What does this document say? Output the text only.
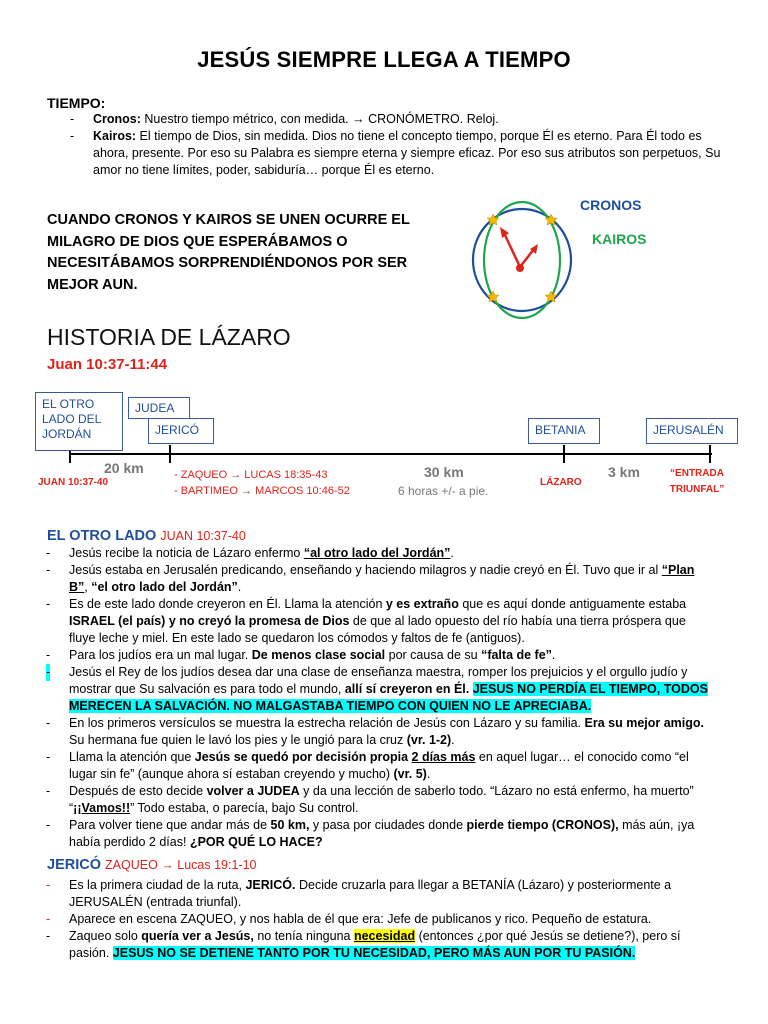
JESÚS SIEMPRE LLEGA A TIEMPO
TIEMPO:
- Cronos: Nuestro tiempo métrico, con medida. → CRONÓMETRO. Reloj.
- Kairos: El tiempo de Dios, sin medida. Dios no tiene el concepto tiempo, porque Él es eterno. Para Él todo es ahora, presente. Por eso su Palabra es siempre eterna y siempre eficaz. Por eso sus atributos son perpetuos, Su amor no tiene límites, poder, sabiduría… porque Él es eterno.
CUANDO CRONOS Y KAIROS SE UNEN OCURRE EL MILAGRO DE DIOS QUE ESPERÁBAMOS O NECESITÁBAMOS SORPRENDIÉNDONOS POR SER MEJOR AUN.
CRONOS
KAIROS
HISTORIA DE LÁZARO
Juan 10:37-11:44
EL OTRO LADO DEL JORDÁN
JUDEA
JERICÓ	BETANIA	JERUSALÉN
JUAN 10:37-40
20 km	- ZAQUEO → LUCAS 18:35-43
- BARTIMEO → MARCOS 10:46-52
30 km
6 horas +/- a pie.
LÁZARO
3 km	“ENTRADA
TRIUNFAL”
EL OTRO LADO JUAN 10:37-40
- Jesús recibe la noticia de Lázaro enfermo “al otro lado del Jordán”.
- Jesús estaba en Jerusalén predicando, enseñando y haciendo milagros y nadie creyó en Él. Tuvo que ir al “Plan B”, “el otro lado del Jordán”.
- Es de este lado donde creyeron en Él. Llama la atención y es extraño que es aquí donde antiguamente estaba ISRAEL (el país) y no creyó la promesa de Dios de que al lado opuesto del río había una tierra próspera que fluye leche y miel. En este lado se quedaron los cómodos y faltos de fe (antiguos).
- Para los judíos era un mal lugar. De menos clase social por causa de su “falta de fe”.
- Jesús el Rey de los judíos desea dar una clase de enseñanza maestra, romper los prejuicios y el orgullo judío y mostrar que Su salvación es para todo el mundo, allí sí creyeron en Él. JESUS NO PERDÍA EL TIEMPO, TODOS MERECEN LA SALVACIÓN. NO MALGASTABA TIEMPO CON QUIEN NO LE APRECIABA.
- En los primeros versículos se muestra la estrecha relación de Jesús con Lázaro y su familia. Era su mejor amigo. Su hermana fue quien le lavó los pies y le ungió para la cruz (vr. 1-2).
- Llama la atención que Jesús se quedó por decisión propia 2 días más en aquel lugar… el conocido como “el lugar sin fe” (aunque ahora sí estaban creyendo y mucho) (vr. 5).
- Después de esto decide volver a JUDEA y da una lección de saberlo todo. “Lázaro no está enfermo, ha muerto” “¡¡Vamos!!” Todo estaba, o parecía, bajo Su control.
- Para volver tiene que andar más de 50 km, y pasa por ciudades donde pierde tiempo (CRONOS), más aún, ¡ya había perdido 2 días! ¿POR QUÉ LO HACE?
JERICÓ ZAQUEO → Lucas 19:1-10
- Es la primera ciudad de la ruta, JERICÓ. Decide cruzarla para llegar a BETANÍA (Lázaro) y posteriormente a JERUSALÉN (entrada triunfal).
- Aparece en escena ZAQUEO, y nos habla de él que era: Jefe de publicanos y rico. Pequeño de estatura.
- Zaqueo solo quería ver a Jesús, no tenía ninguna necesidad (entonces ¿por qué Jesús se detiene?), pero sí pasión. JESUS NO SE DETIENE TANTO POR TU NECESIDAD, PERO MÁS AUN POR TU PASIÓN.
